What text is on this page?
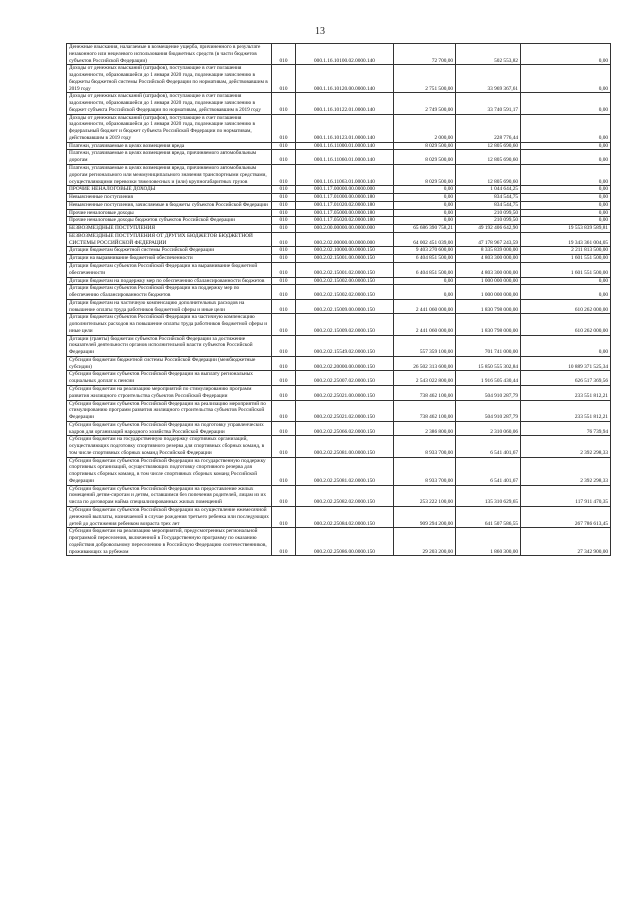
13
Денежные взыскания, налагаемые в возмещение ущерба, причиненного в результате незаконного или нецелевого использования бюджетных средств (в части бюджетов субъектов Российской Федерации)	010	000.1.16.10100.02.0000.140	72 700,00	502 553,82	0,00
Доходы от денежных взысканий (штрафов), поступающие в счет погашения задолженности, образовавшейся до 1 января 2020 года, подлежащие зачислению в бюджеты бюджетной системы Российской Федерации по нормативам, действовавшим в 2019 году	010	000.1.16.10120.00.0000.140	2 751 500,00	33 969 367,61	0,00
Доходы от денежных взысканий (штрафов), поступающие в счет погашения задолженности, образовавшейся до 1 января 2020 года, подлежащие зачислению в бюджет субъекта Российской Федерации по нормативам, действовавшим в 2019 году	010	000.1.16.10122.01.0000.140	2 749 500,00	33 740 591,17	0,00
Доходы от денежных взысканий (штрафов), поступающие в счет погашения задолженности, образовавшейся до 1 января 2020 года, подлежащие зачислению в федеральный бюджет и бюджет субъекта Российской Федерации по нормативам, действовавшим в 2019 году	010	000.1.16.10123.01.0000.140	2 000,00	228 776,44	0,00
Платежи, уплачиваемые в целях возмещения вреда	010	000.1.16.11000.01.0000.140	8 029 500,00	12 805 690,60	0,00
Платежи, уплачиваемые в целях возмещения вреда, причиняемого автомобильным дорогам	010	000.1.16.11060.01.0000.140	8 029 500,00	12 805 690,60	0,00
Платежи, уплачиваемые в целях возмещения вреда, причиняемого автомобильным дорогам регионального или межмуниципального значения транспортными средствами, осуществляющими перевозки тяжеловесных и (или) крупногабаритных грузов	010	000.1.16.11063.01.0000.140	8 029 500,00	12 805 690,60	0,00
ПРОЧИЕ НЕНАЛОГОВЫЕ ДОХОДЫ	010	000.1.17.00000.00.0000.000	0,00	1 044 644,25	0,00
Невыясненные поступления	010	000.1.17.01000.00.0000.180	0,00	834 544,75	0,00
Невыясненные поступления, зачисляемые в бюджеты субъектов Российской Федерации	010	000.1.17.01020.02.0000.180	0,00	834 544,75	0,00
Прочие неналоговые доходы	010	000.1.17.05000.00.0000.180	0,00	210 099,50	0,00
Прочие неналоговые доходы бюджетов субъектов Российской Федерации	010	000.1.17.05020.02.0000.180	0,00	210 099,50	0,00
БЕЗВОЗМЕЗДНЫЕ ПОСТУПЛЕНИЯ	010	000.2.00.00000.00.0000.000	65 686 390 758,21	49 192 406 642,90	19 553 839 589,81
БЕЗВОЗМЕЗДНЫЕ ПОСТУПЛЕНИЯ ОТ ДРУГИХ БЮДЖЕТОВ БЮДЖЕТНОЙ СИСТЕМЫ РОССИЙСКОЙ ФЕДЕРАЦИИ	010	000.2.02.00000.00.0000.000	64 002 451 039,00	47 178 967 243,59	19 343 361 004,05
Дотации бюджетам бюджетной системы Российской Федерации	010	000.2.02.10000.00.0000.150	9 403 270 600,00	8 335 839 000,00	2 211 813 500,00
Дотации на выравнивание бюджетной обеспеченности	010	000.2.02.15001.00.0000.150	6 404 851 500,00	4 803 300 000,00	1 601 551 500,00
Дотации бюджетам субъектов Российской Федерации на выравнивание бюджетной обеспеченности	010	000.2.02.15001.02.0000.150	6 404 851 500,00	4 803 300 000,00	1 601 551 500,00
Дотации бюджетам на поддержку мер по обеспечению сбалансированности бюджетов	010	000.2.02.15002.00.0000.150	0,00	1 000 000 000,00	0,00
Дотации бюджетам субъектов Российской Федерации на поддержку мер по обеспечению сбалансированности бюджетов	010	000.2.02.15002.02.0000.150	0,00	1 000 000 000,00	0,00
Дотации бюджетам на частичную компенсацию дополнительных расходов на повышение оплаты труда работников бюджетной сферы и иные цели	010	000.2.02.15009.00.0000.150	2 441 060 000,00	1 830 798 000,00	610 262 000,00
Дотации бюджетам субъектов Российской Федерации на частичную компенсацию дополнительных расходов на повышение оплаты труда работников бюджетной сферы и иные цели	010	000.2.02.15009.02.0000.150	2 441 060 000,00	1 830 798 000,00	610 262 000,00
Дотации (гранты) бюджетам субъектов Российской Федерации за достижение показателей деятельности органов исполнительной власти субъектов Российской Федерации	010	000.2.02.15549.02.0000.150	557 359 100,00	701 741 000,00	0,00
Субсидии бюджетам бюджетной системы Российской Федерации (межбюджетные субсидии)	010	000.2.02.20000.00.0000.150	26 502 313 600,00	15 850 555 302,84	10 889 371 525,34
Субсидии бюджетам субъектов Российской Федерации на выплату региональных социальных доплат к пенсии	010	000.2.02.25007.02.0000.150	2 543 022 800,00	1 916 505 430,44	626 517 369,56
Субсидии бюджетам на реализацию мероприятий по стимулированию программ развития жилищного строительства субъектов Российской Федерации	010	000.2.02.25021.00.0000.150	738 462 100,00	504 910 287,79	233 551 812,21
Субсидии бюджетам субъектов Российской Федерации на реализацию мероприятий по стимулированию программ развития жилищного строительства субъектов Российской Федерации	010	000.2.02.25021.02.0000.150	738 462 100,00	504 910 287,79	233 551 812,21
Субсидии бюджетам субъектов Российской Федерации на подготовку управленческих кадров для организаций народного хозяйства Российской Федерации	010	000.2.02.25066.02.0000.150	2 386 800,00	2 310 060,06	76 739,94
Субсидии бюджетам на государственную поддержку спортивных организаций, осуществляющих подготовку спортивного резерва для спортивных сборных команд, в том числе спортивных сборных команд Российской Федерации	010	000.2.02.25081.00.0000.150	8 933 700,00	6 541 401,67	2 392 298,33
Субсидии бюджетам субъектов Российской Федерации на государственную поддержку спортивных организаций, осуществляющих подготовку спортивного резерва для спортивных сборных команд, в том числе спортивных сборных команд Российской Федерации	010	000.2.02.25081.02.0000.150	8 933 700,00	6 541 401,67	2 392 298,33
Субсидии бюджетам субъектов Российской Федерации на предоставление жилых помещений детям-сиротам и детям, оставшимся без попечения родителей, лицам из их числа по договорам найма специализированных жилых помещений	010	000.2.02.25082.02.0000.150	253 222 100,00	135 310 629,65	117 911 470,35
Субсидии бюджетам субъектов Российской Федерации на осуществление ежемесячной денежной выплаты, назначаемой в случае рождения третьего ребенка или последующих детей до достижения ребенком возраста трех лет	010	000.2.02.25084.02.0000.150	909 294 200,00	641 507 586,55	267 786 613,45
Субсидии бюджетам на реализацию мероприятий, предусмотренных региональной программой переселения, включенной в Государственную программу по оказанию содействия добровольному переселению в Российскую Федерацию соотечественников, проживающих за рубежом	010	000.2.02.25086.00.0000.150	29 203 200,00	1 860 300,00	27 342 900,00
